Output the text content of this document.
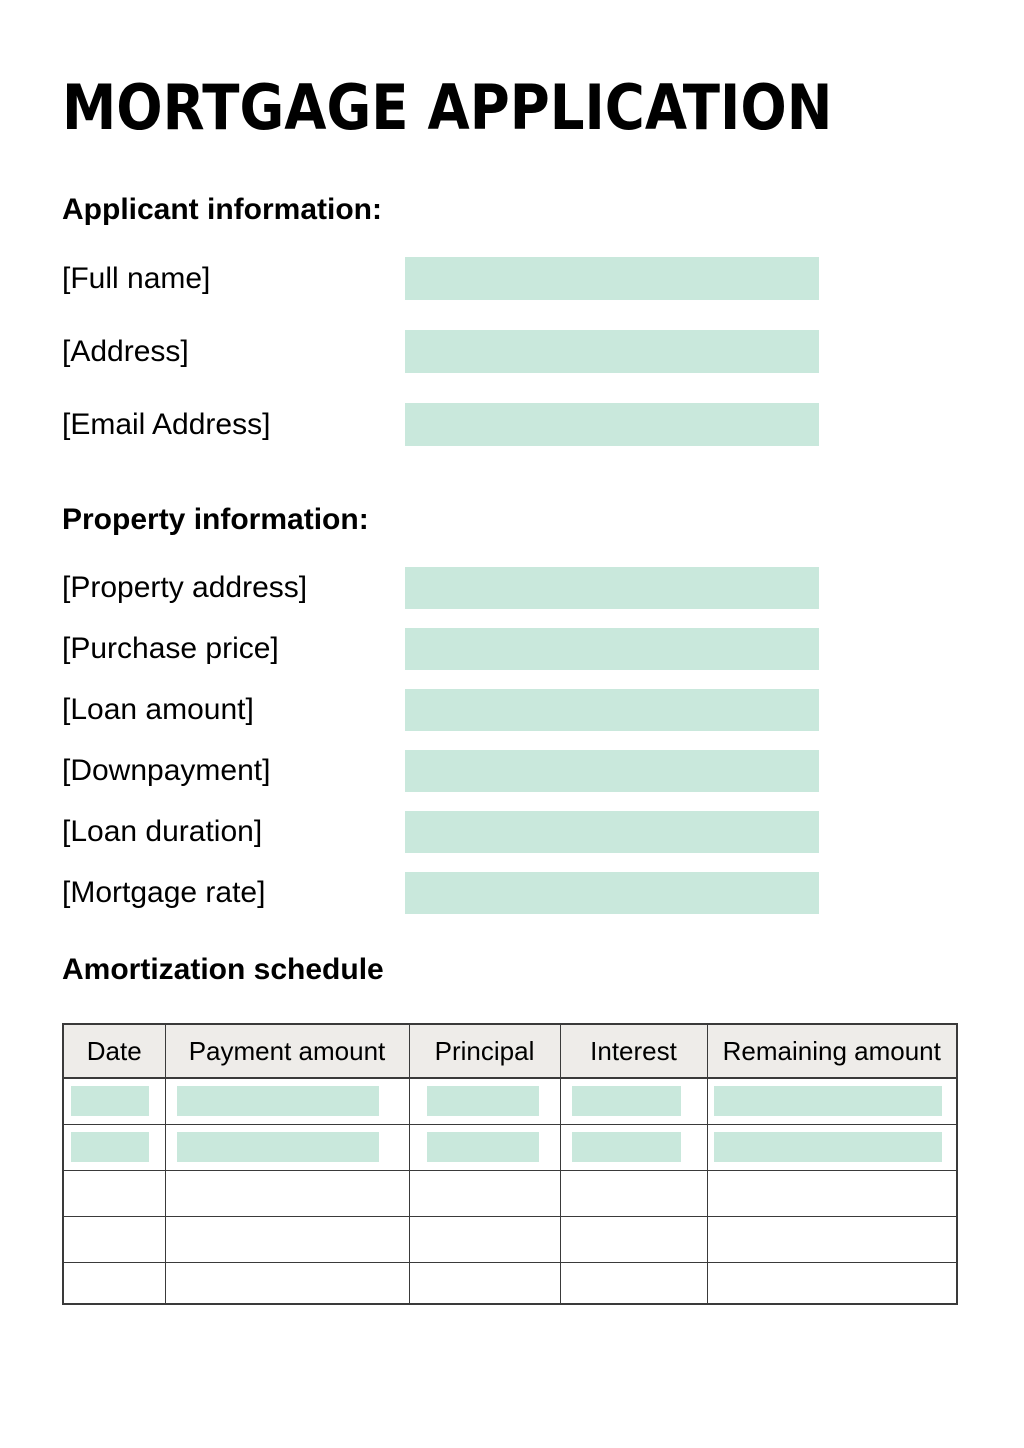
MORTGAGE APPLICATION
Applicant information:
[Full name]
[Address]
[Email Address]
Property information:
[Property address]
[Purchase price]
[Loan amount]
[Downpayment]
[Loan duration]
[Mortgage rate]
Amortization schedule
Date	Payment amount	Principal	Interest	Remaining amount
